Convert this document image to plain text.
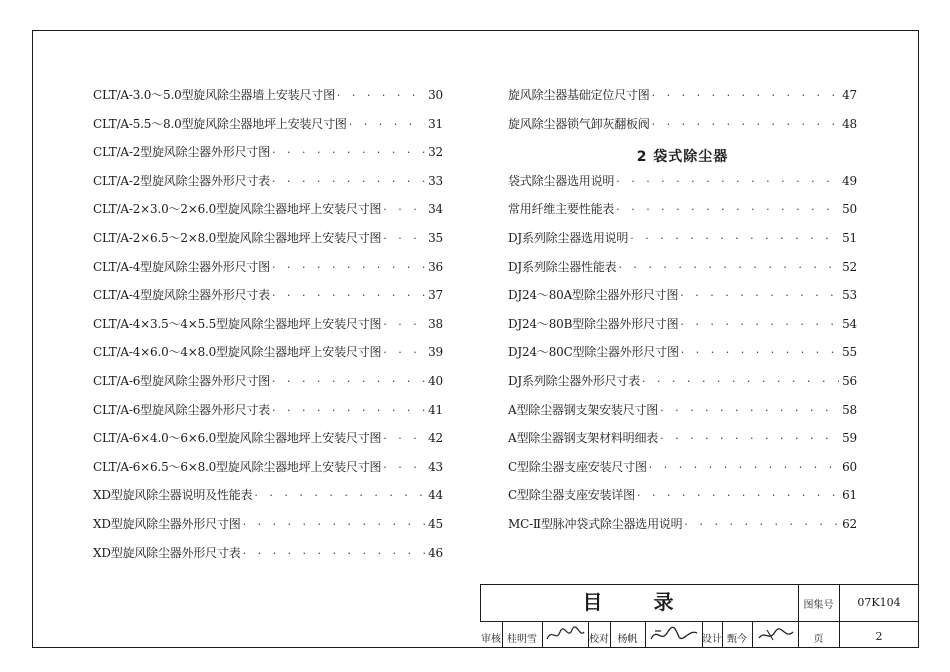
CLT/A-3.0～5.0型旋风除尘器墙上安装尺寸图 · · ·	30
CLT/A-5.5～8.0型旋风除尘器地坪上安装尺寸图 · · ·	31
CLT/A-2型旋风除尘器外形尺寸图 · · ·	32
CLT/A-2型旋风除尘器外形尺寸表 · · ·	33
CLT/A-2×3.0～2×6.0型旋风除尘器地坪上安装尺寸图 · · ·	34
CLT/A-2×6.5～2×8.0型旋风除尘器地坪上安装尺寸图 · · ·	35
CLT/A-4型旋风除尘器外形尺寸图 · · ·	36
CLT/A-4型旋风除尘器外形尺寸表 · · ·	37
CLT/A-4×3.5～4×5.5型旋风除尘器地坪上安装尺寸图 · · ·	38
CLT/A-4×6.0～4×8.0型旋风除尘器地坪上安装尺寸图 · · ·	39
CLT/A-6型旋风除尘器外形尺寸图 · · ·	40
CLT/A-6型旋风除尘器外形尺寸表 · · ·	41
CLT/A-6×4.0～6×6.0型旋风除尘器地坪上安装尺寸图 · · ·	42
CLT/A-6×6.5～6×8.0型旋风除尘器地坪上安装尺寸图 · · ·	43
XD型旋风除尘器说明及性能表 · · ·	44
XD型旋风除尘器外形尺寸图 · · ·	45
XD型旋风除尘器外形尺寸表 · · ·	46
旋风除尘器基础定位尺寸图 · · ·	47
旋风除尘器锁气卸灰翻板阀 · · ·	48
2 袋式除尘器
袋式除尘器选用说明 · · ·	49
常用纤维主要性能表 · · ·	50
DJ系列除尘器选用说明 · · ·	51
DJ系列除尘器性能表 · · ·	52
DJ24～80A型除尘器外形尺寸图 · · ·	53
DJ24～80B型除尘器外形尺寸图 · · ·	54
DJ24～80C型除尘器外形尺寸图 · · ·	55
DJ系列除尘器外形尺寸表 · · ·	56
A型除尘器钢支架安装尺寸图 · · ·	58
A型除尘器钢支架材料明细表 · · ·	59
C型除尘器支座安装尺寸图 · · ·	60
C型除尘器支座安装详图 · · ·	61
MC-Ⅱ型脉冲袋式除尘器选用说明 · · ·	62
目 录	图集号	07K104
审核 桂明雪	校对 杨帆	设计 甄今	页	2
